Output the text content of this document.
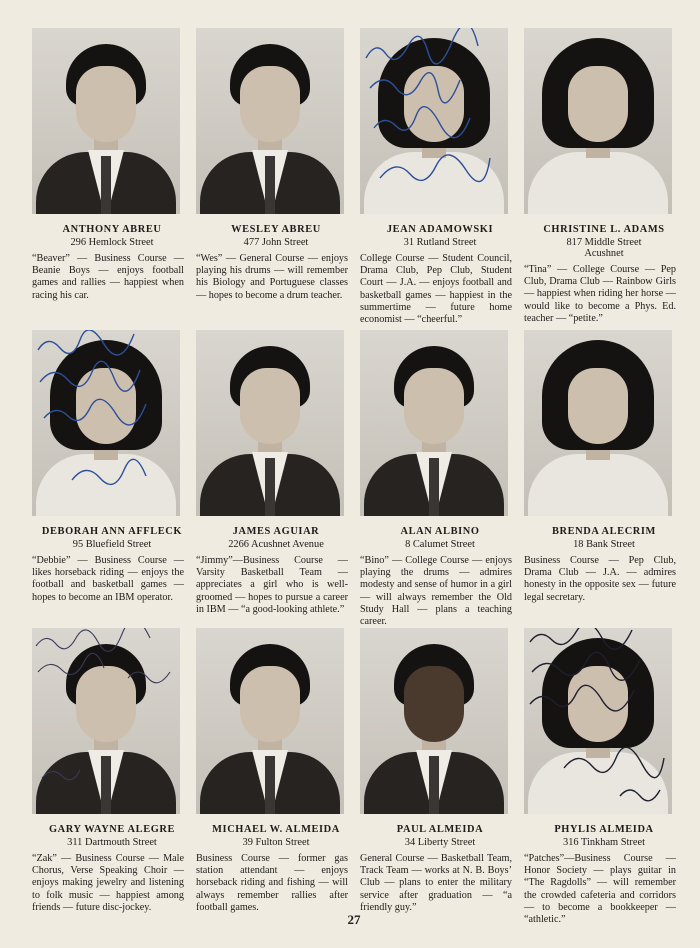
ANTHONY ABREU
296 Hemlock Street
“Beaver” — Business Course — Beanie Boys — enjoys football games and rallies — happiest when racing his car.
WESLEY ABREU
477 John Street
“Wes” — General Course — enjoys playing his drums — will remember his Biology and Portuguese classes — hopes to become a drum teacher.
JEAN ADAMOWSKI
31 Rutland Street
College Course — Student Council, Drama Club, Pep Club, Student Court — J.A. — enjoys football and basketball games — happiest in the summertime — future home economist — “cheerful.”
CHRISTINE L. ADAMS
817 Middle Street
Acushnet
“Tina” — College Course — Pep Club, Drama Club — Rainbow Girls — happiest when riding her horse — would like to become a Phys. Ed. teacher — “petite.”
DEBORAH ANN AFFLECK
95 Bluefield Street
“Debbie” — Business Course — likes horseback riding — enjoys the football and basketball games — hopes to become an IBM operator.
JAMES AGUIAR
2266 Acushnet Avenue
“Jimmy”—Business Course — Varsity Basketball Team — appreciates a girl who is well-groomed — hopes to pursue a career in IBM — “a good-looking athlete.”
ALAN ALBINO
8 Calumet Street
“Bino” — College Course — enjoys playing the drums — admires modesty and sense of humor in a girl — will always remember the Old Study Hall — plans a teaching career.
BRENDA ALECRIM
18 Bank Street
Business Course — Pep Club, Drama Club — J.A. — admires honesty in the opposite sex — future legal secretary.
GARY WAYNE ALEGRE
311 Dartmouth Street
“Zak” — Business Course — Male Chorus, Verse Speaking Choir — enjoys making jewelry and listening to folk music — happiest among friends — future disc-jockey.
MICHAEL W. ALMEIDA
39 Fulton Street
Business Course — former gas station attendant — enjoys horseback riding and fishing — will always remember rallies after football games.
PAUL ALMEIDA
34 Liberty Street
General Course — Basketball Team, Track Team — works at N. B. Boys’ Club — plans to enter the military service after graduation — “a friendly guy.”
PHYLIS ALMEIDA
316 Tinkham Street
“Patches”—Business Course — Honor Society — plays guitar in “The Ragdolls” — will remember the crowded cafeteria and corridors — to become a bookkeeper — “athletic.”
27
